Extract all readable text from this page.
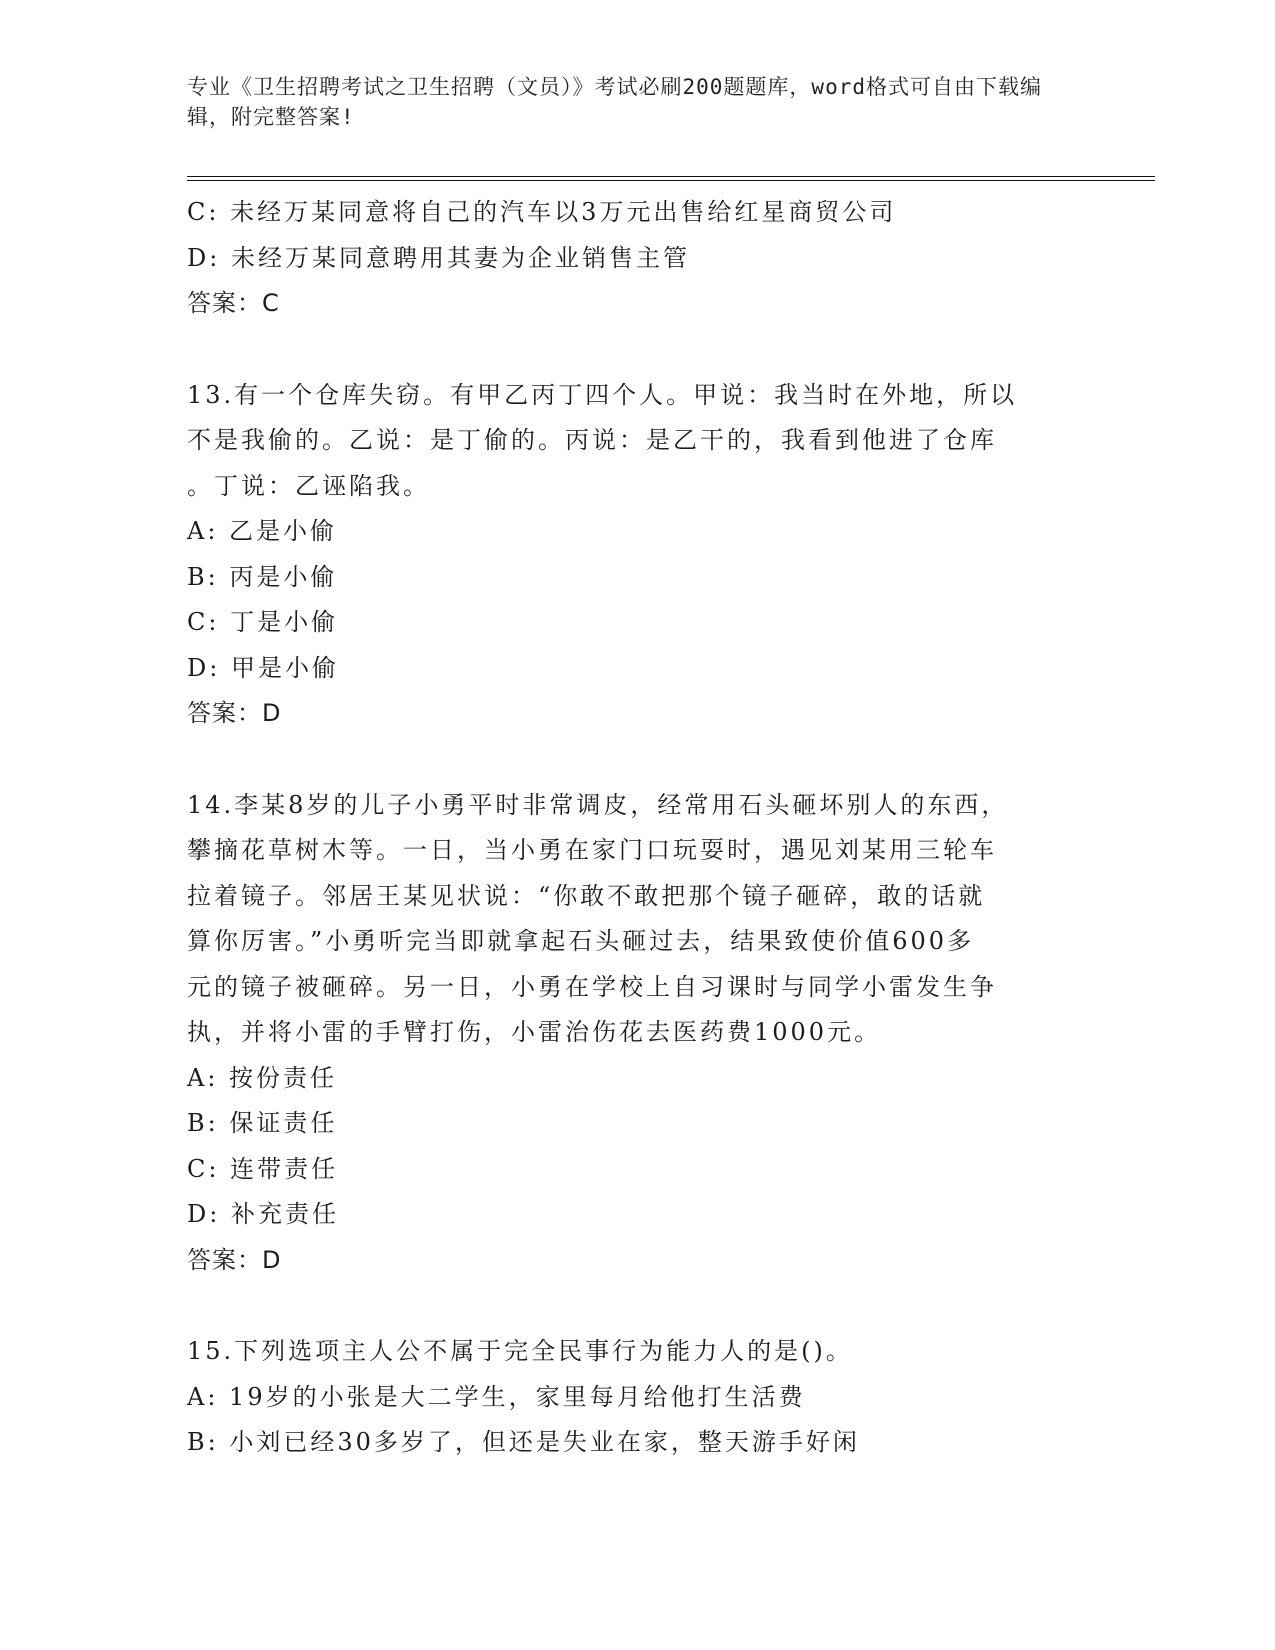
专业《卫生招聘考试之卫生招聘（文员）》考试必刷200题题库，word格式可自由下载编辑，附完整答案!
C: 未经万某同意将自己的汽车以3万元出售给红星商贸公司
D: 未经万某同意聘用其妻为企业销售主管
答案：C
13.有一个仓库失窃。有甲乙丙丁四个人。甲说：我当时在外地，所以
不是我偷的。乙说：是丁偷的。丙说：是乙干的，我看到他进了仓库
。丁说：乙诬陷我。
A: 乙是小偷
B: 丙是小偷
C: 丁是小偷
D: 甲是小偷
答案：D
14.李某8岁的儿子小勇平时非常调皮，经常用石头砸坏别人的东西，
攀摘花草树木等。一日，当小勇在家门口玩耍时，遇见刘某用三轮车
拉着镜子。邻居王某见状说：“你敢不敢把那个镜子砸碎，敢的话就
算你厉害。”小勇听完当即就拿起石头砸过去，结果致使价值600多
元的镜子被砸碎。另一日，小勇在学校上自习课时与同学小雷发生争
执，并将小雷的手臂打伤，小雷治伤花去医药费1000元。
A: 按份责任
B: 保证责任
C: 连带责任
D: 补充责任
答案：D
15.下列选项主人公不属于完全民事行为能力人的是()。
A: 19岁的小张是大二学生，家里每月给他打生活费
B: 小刘已经30多岁了，但还是失业在家，整天游手好闲
